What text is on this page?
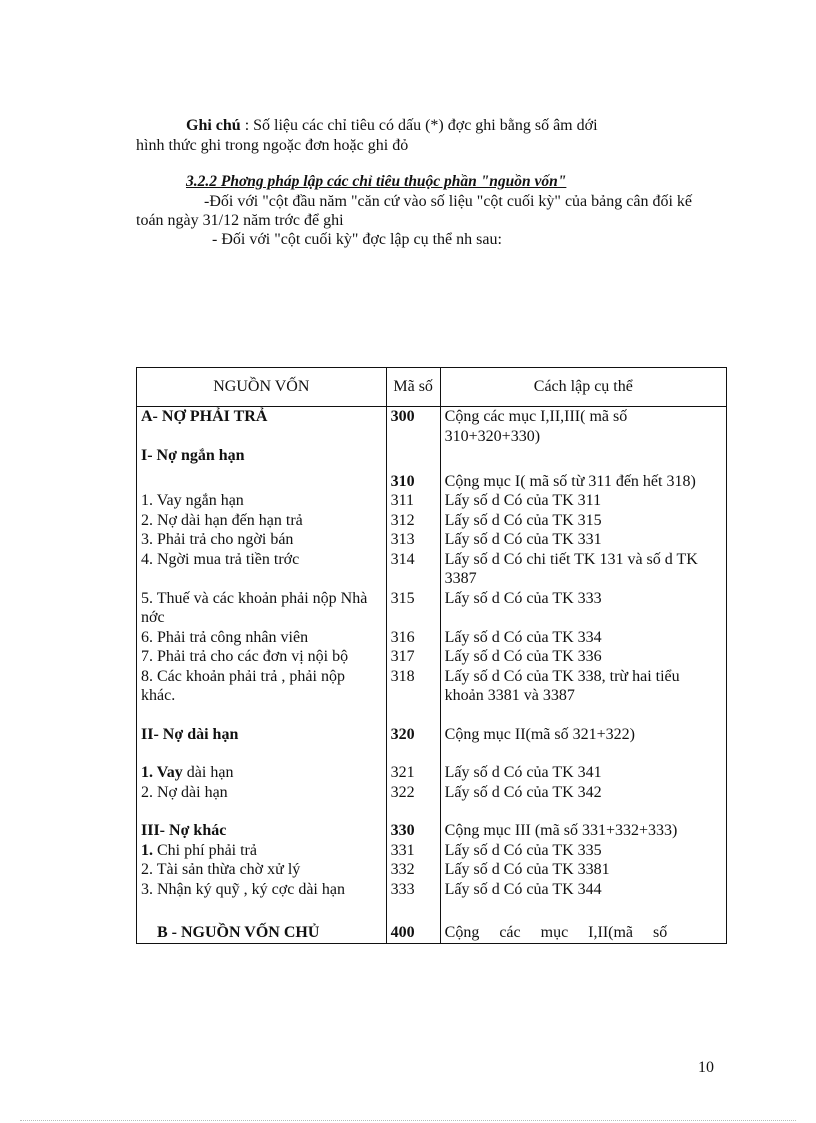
Ghi chú : Số liệu các chỉ tiêu có dấu (*) đợc ghi bằng số âm dới
hình thức ghi trong ngoặc đơn hoặc ghi đỏ
3.2.2 Phơng pháp lập các chỉ tiêu thuộc phần "nguồn vốn"

-Đối với "cột đầu năm "căn cứ vào số liệu "cột cuối kỳ" của bảng cân đối kế toán ngày 31/12 năm trớc để ghi

- Đối với "cột cuối kỳ" đợc lập cụ thể nh sau:

NGUỒN VỐN	Mã số	Cách lập cụ thể
A- NỢ PHẢI TRẢ	300	Cộng các mục I,II,III( mã số 310+320+330)
I- Nợ ngắn hạn		
	310	Cộng mục I( mã số từ 311 đến hết 318)
1. Vay ngắn hạn	311	Lấy số d Có của TK 311
2. Nợ dài hạn đến hạn trả	312	Lấy số d Có của TK 315
3. Phải trả cho ngời bán	313	Lấy số d Có của TK 331
4. Ngời mua trả tiền trớc	314	Lấy số d Có chi tiết TK 131 và số d TK 3387
5. Thuế và các khoản phải nộp Nhà nớc	315	Lấy số d Có của TK 333
6. Phải trả công nhân viên	316	Lấy số d Có của TK 334
7. Phải trả cho các đơn vị nội bộ	317	Lấy số d Có của TK 336
8. Các khoản phải trả , phải nộp khác.	318	Lấy số d Có của TK 338, trừ hai tiểu khoản 3381 và 3387
II- Nợ dài hạn	320	Cộng mục II(mã số 321+322)
1. Vay dài hạn	321	Lấy số d Có của TK 341
2. Nợ dài hạn	322	Lấy số d Có của TK 342
III- Nợ khác	330	Cộng mục III (mã số 331+332+333)
1. Chi phí phải trả	331	Lấy số d Có của TK 335
2. Tài sản thừa chờ xử lý	332	Lấy số d Có của TK 3381
3. Nhận ký quỹ , ký cợc dài hạn	333	Lấy số d Có của TK 344
B - NGUỒN VỐN CHỦ	400	Cộng các mục I,II(mã số
10
